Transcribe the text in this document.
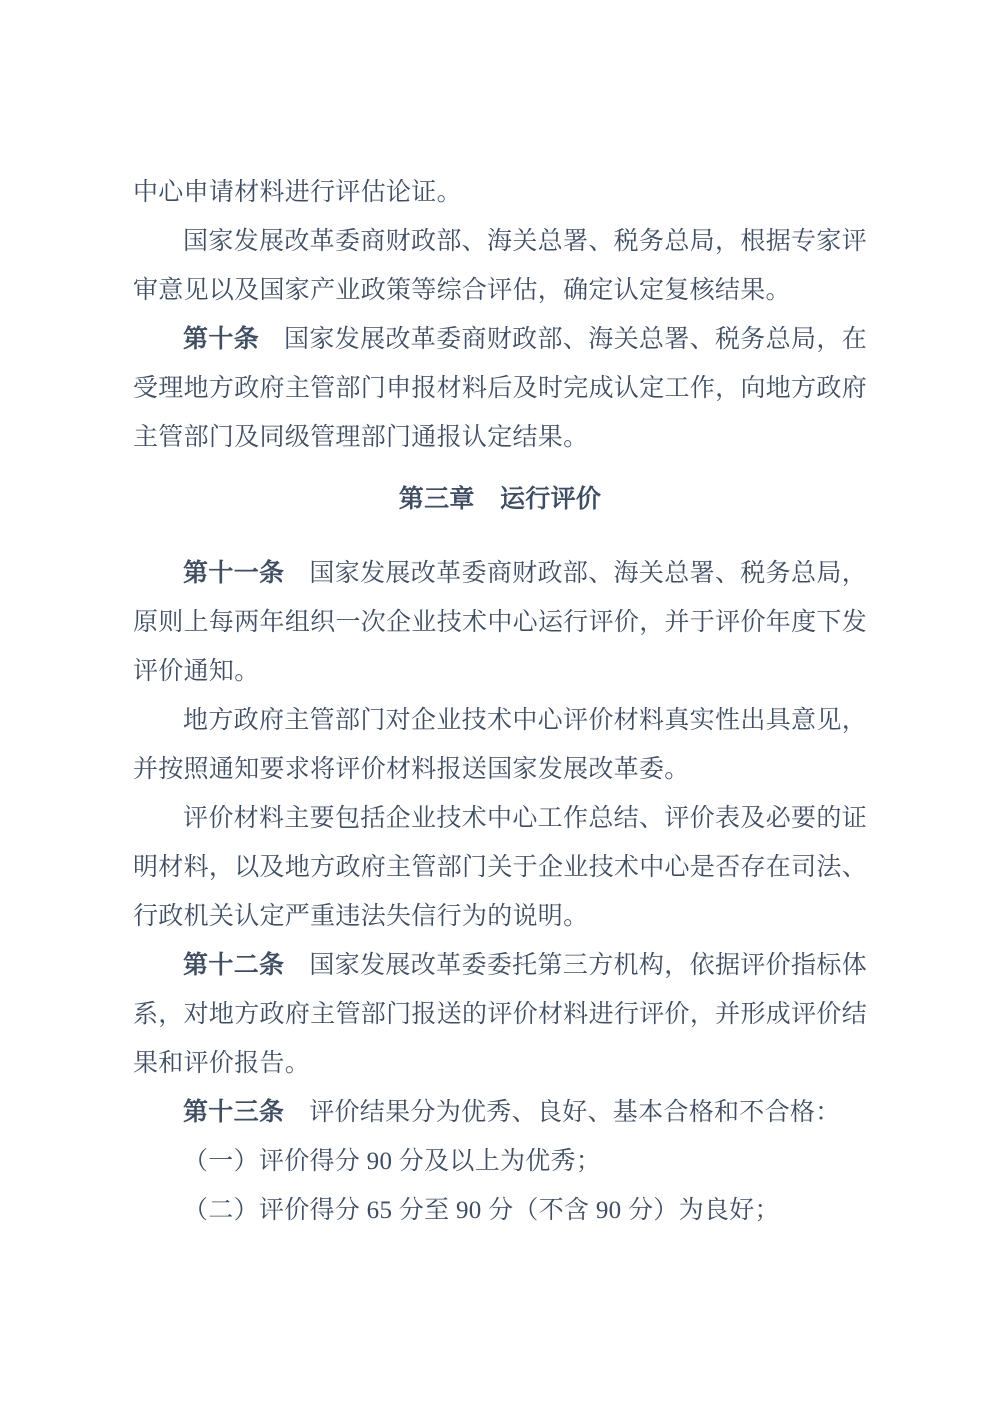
中心申请材料进行评估论证。

国家发展改革委商财政部、海关总署、税务总局，根据专家评审意见以及国家产业政策等综合评估，确定认定复核结果。

第十条 国家发展改革委商财政部、海关总署、税务总局，在受理地方政府主管部门申报材料后及时完成认定工作，向地方政府主管部门及同级管理部门通报认定结果。

第三章　运行评价

第十一条 国家发展改革委商财政部、海关总署、税务总局，原则上每两年组织一次企业技术中心运行评价，并于评价年度下发评价通知。

地方政府主管部门对企业技术中心评价材料真实性出具意见，并按照通知要求将评价材料报送国家发展改革委。

评价材料主要包括企业技术中心工作总结、评价表及必要的证明材料，以及地方政府主管部门关于企业技术中心是否存在司法、行政机关认定严重违法失信行为的说明。

第十二条 国家发展改革委委托第三方机构，依据评价指标体系，对地方政府主管部门报送的评价材料进行评价，并形成评价结果和评价报告。

第十三条 评价结果分为优秀、良好、基本合格和不合格：

（一）评价得分 90 分及以上为优秀；

（二）评价得分 65 分至 90 分（不含 90 分）为良好；
